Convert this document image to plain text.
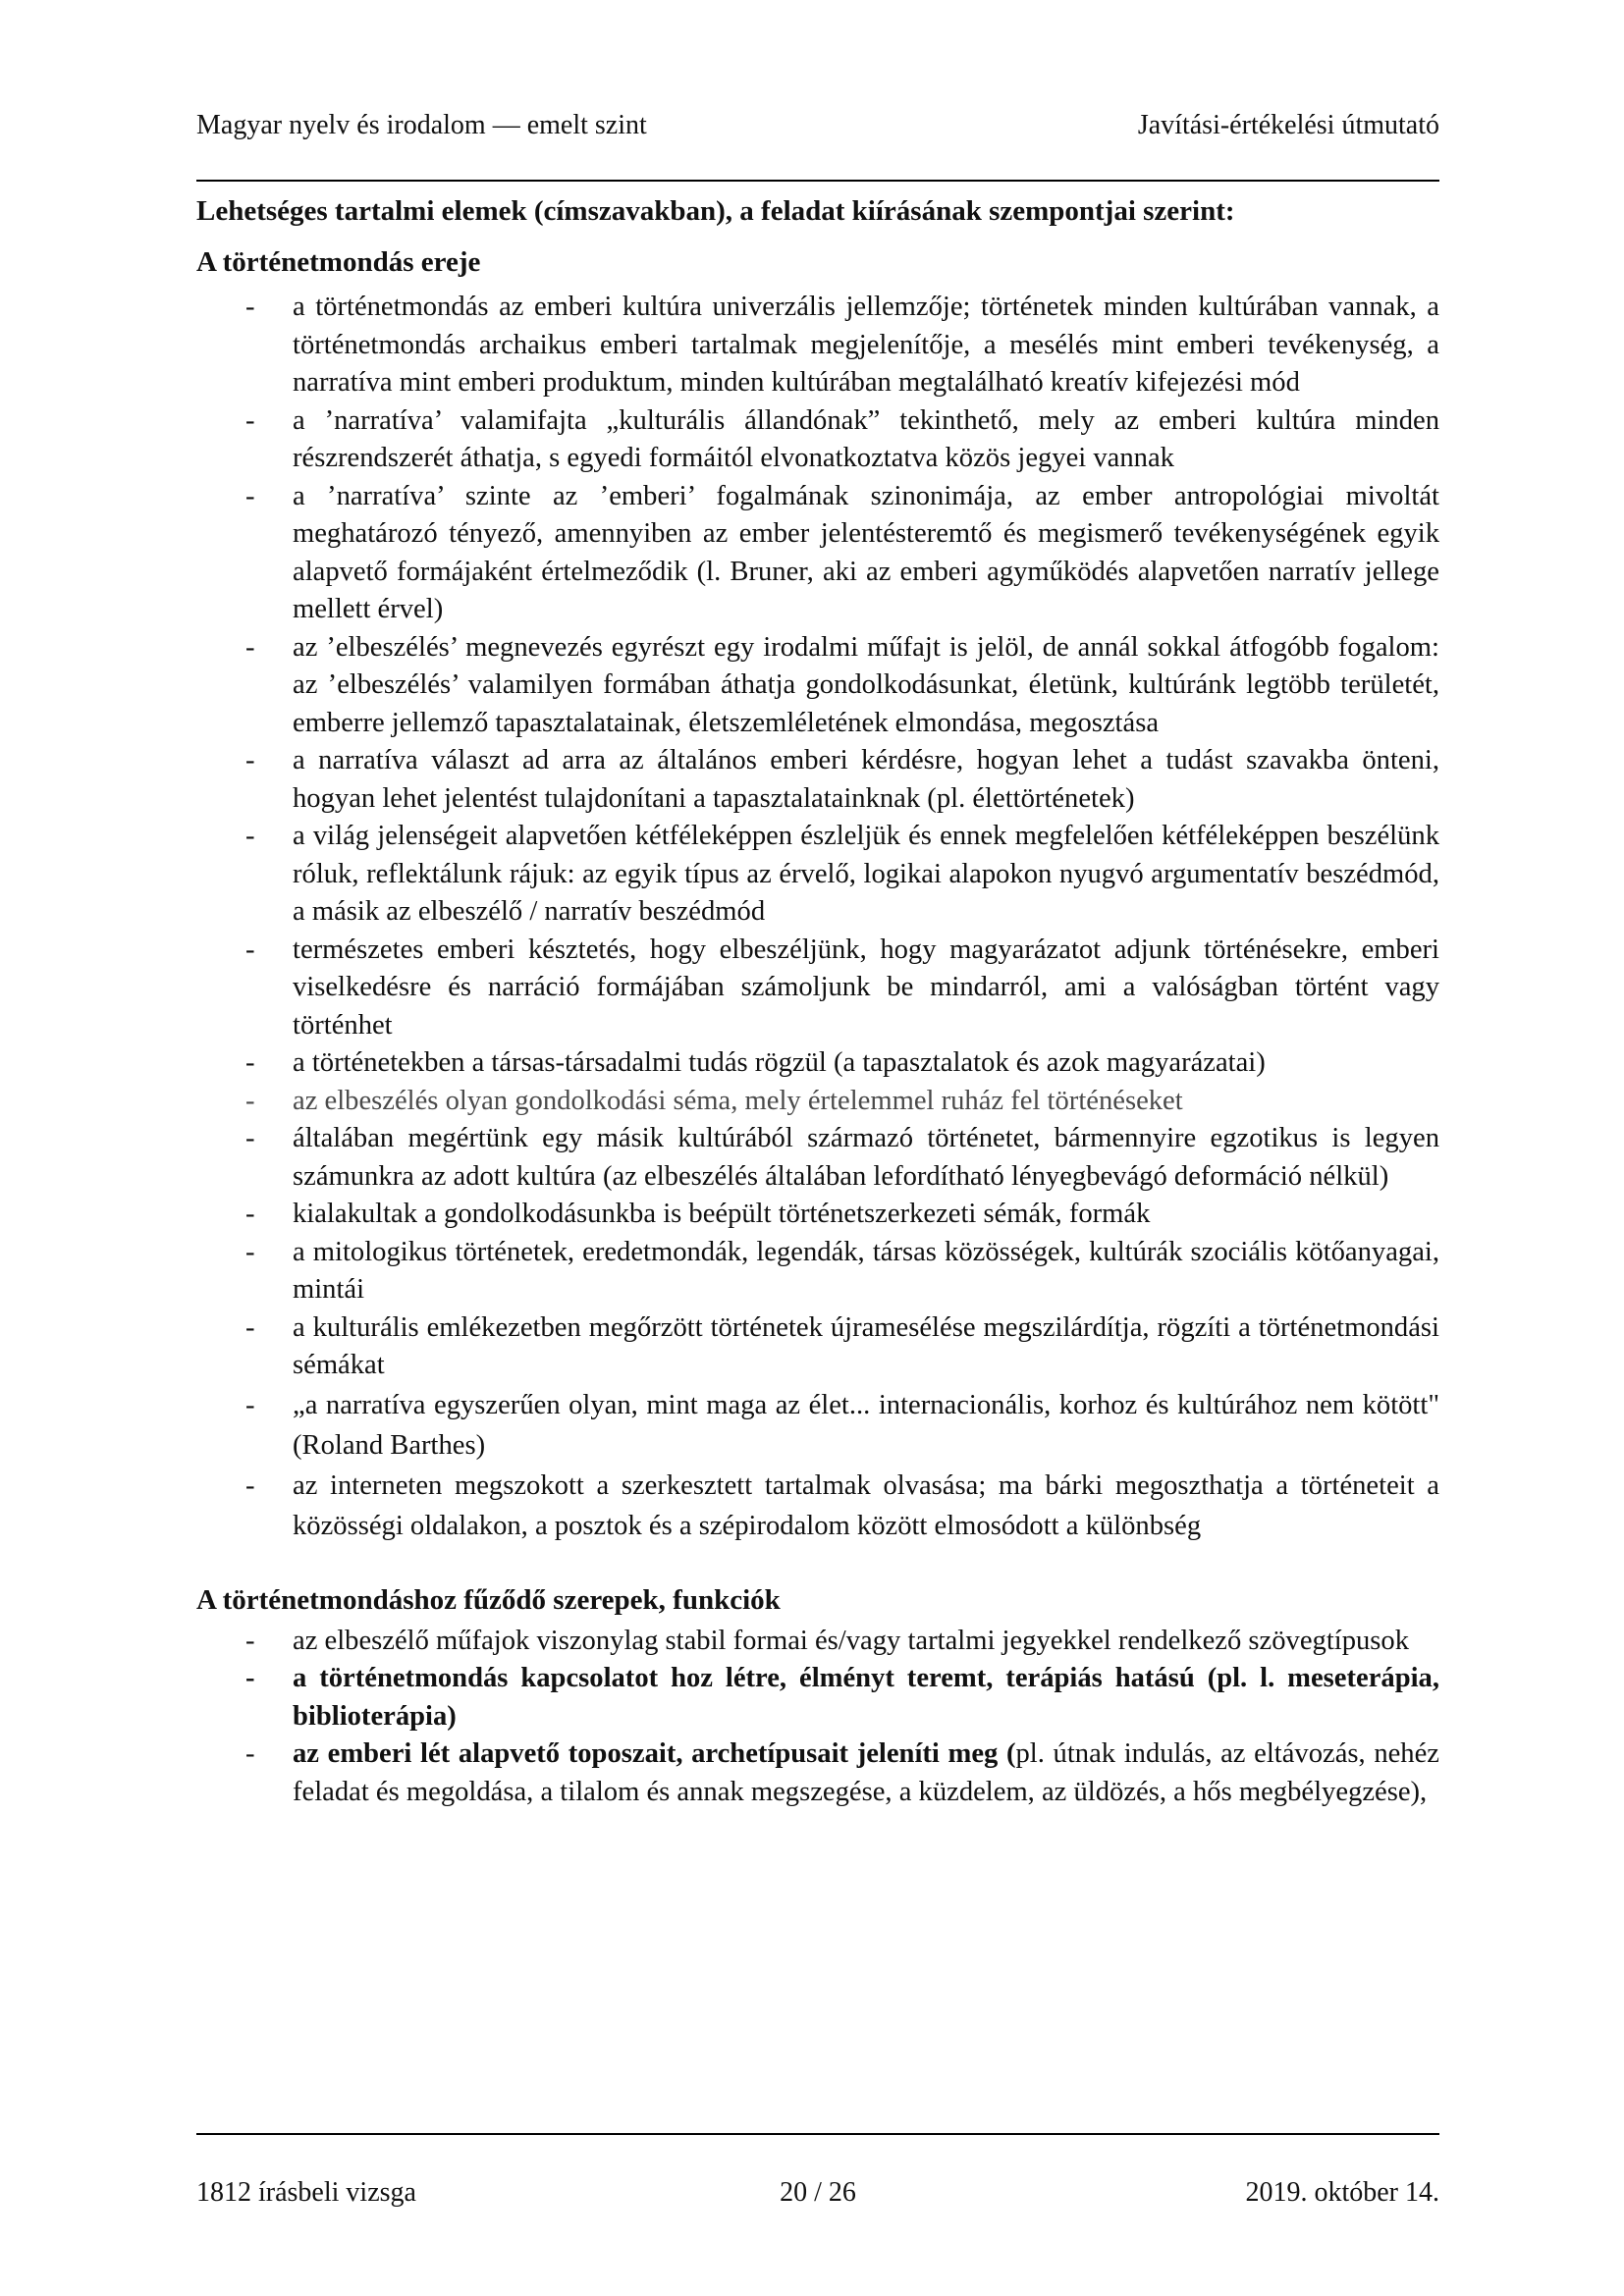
Magyar nyelv és irodalom — emelt szint	Javítási-értékelési útmutató

Lehetséges tartalmi elemek (címszavakban), a feladat kiírásának szempontjai szerint:

A történetmondás ereje

- a történetmondás az emberi kultúra univerzális jellemzője; történetek minden kultúrában vannak, a történetmondás archaikus emberi tartalmak megjelenítője, a mesélés mint emberi tevékenység, a narratíva mint emberi produktum, minden kultúrában megtalálható kreatív kifejezési mód
- a ’narratíva’ valamifajta „kulturális állandónak” tekinthető, mely az emberi kultúra minden részrendszerét áthatja, s egyedi formáitól elvonatkoztatva közös jegyei vannak
- a ’narratíva’ szinte az ’emberi’ fogalmának szinonimája, az ember antropológiai mivoltát meghatározó tényező, amennyiben az ember jelentésteremtő és megismerő tevékenységének egyik alapvető formájaként értelmeződik (l. Bruner, aki az emberi agyműködés alapvetően narratív jellege mellett érvel)
- az ’elbeszélés’ megnevezés egyrészt egy irodalmi műfajt is jelöl, de annál sokkal átfogóbb fogalom: az ’elbeszélés’ valamilyen formában áthatja gondolkodásunkat, életünk, kultúránk legtöbb területét, emberre jellemző tapasztalatainak, életszemléletének elmondása, megosztása
- a narratíva választ ad arra az általános emberi kérdésre, hogyan lehet a tudást szavakba önteni, hogyan lehet jelentést tulajdonítani a tapasztalatainknak (pl. élettörténetek)
- a világ jelenségeit alapvetően kétféleképpen észleljük és ennek megfelelően kétféleképpen beszélünk róluk, reflektálunk rájuk: az egyik típus az érvelő, logikai alapokon nyugvó argumentatív beszédmód, a másik az elbeszélő / narratív beszédmód
- természetes emberi késztetés, hogy elbeszéljünk, hogy magyarázatot adjunk történésekre, emberi viselkedésre és narráció formájában számoljunk be mindarról, ami a valóságban történt vagy történhet
- a történetekben a társas-társadalmi tudás rögzül (a tapasztalatok és azok magyarázatai)
- az elbeszélés olyan gondolkodási séma, mely értelemmel ruház fel történéseket
- általában megértünk egy másik kultúrából származó történetet, bármennyire egzotikus is legyen számunkra az adott kultúra (az elbeszélés általában lefordítható lényegbevágó deformáció nélkül)
- kialakultak a gondolkodásunkba is beépült történetszerkezeti sémák, formák
- a mitologikus történetek, eredetmondák, legendák, társas közösségek, kultúrák szociális kötőanyagai, mintái
- a kulturális emlékezetben megőrzött történetek újramesélése megszilárdítja, rögzíti a történetmondási sémákat
- „a narratíva egyszerűen olyan, mint maga az élet... internacionális, korhoz és kultúrához nem kötött" (Roland Barthes)
- az interneten megszokott a szerkesztett tartalmak olvasása; ma bárki megoszthatja a történeteit a közösségi oldalakon, a posztok és a szépirodalom között elmosódott a különbség

A történetmondáshoz fűződő szerepek, funkciók

- az elbeszélő műfajok viszonylag stabil formai és/vagy tartalmi jegyekkel rendelkező szövegtípusok
- a történetmondás kapcsolatot hoz létre, élményt teremt, terápiás hatású (pl. l. meseterápia, biblioterápia)
- az emberi lét alapvető toposzait, archetípusait jeleníti meg (pl. útnak indulás, az eltávozás, nehéz feladat és megoldása, a tilalom és annak megszegése, a küzdelem, az üldözés, a hős megbélyegzése),
1812 írásbeli vizsga	20 / 26	2019. október 14.
